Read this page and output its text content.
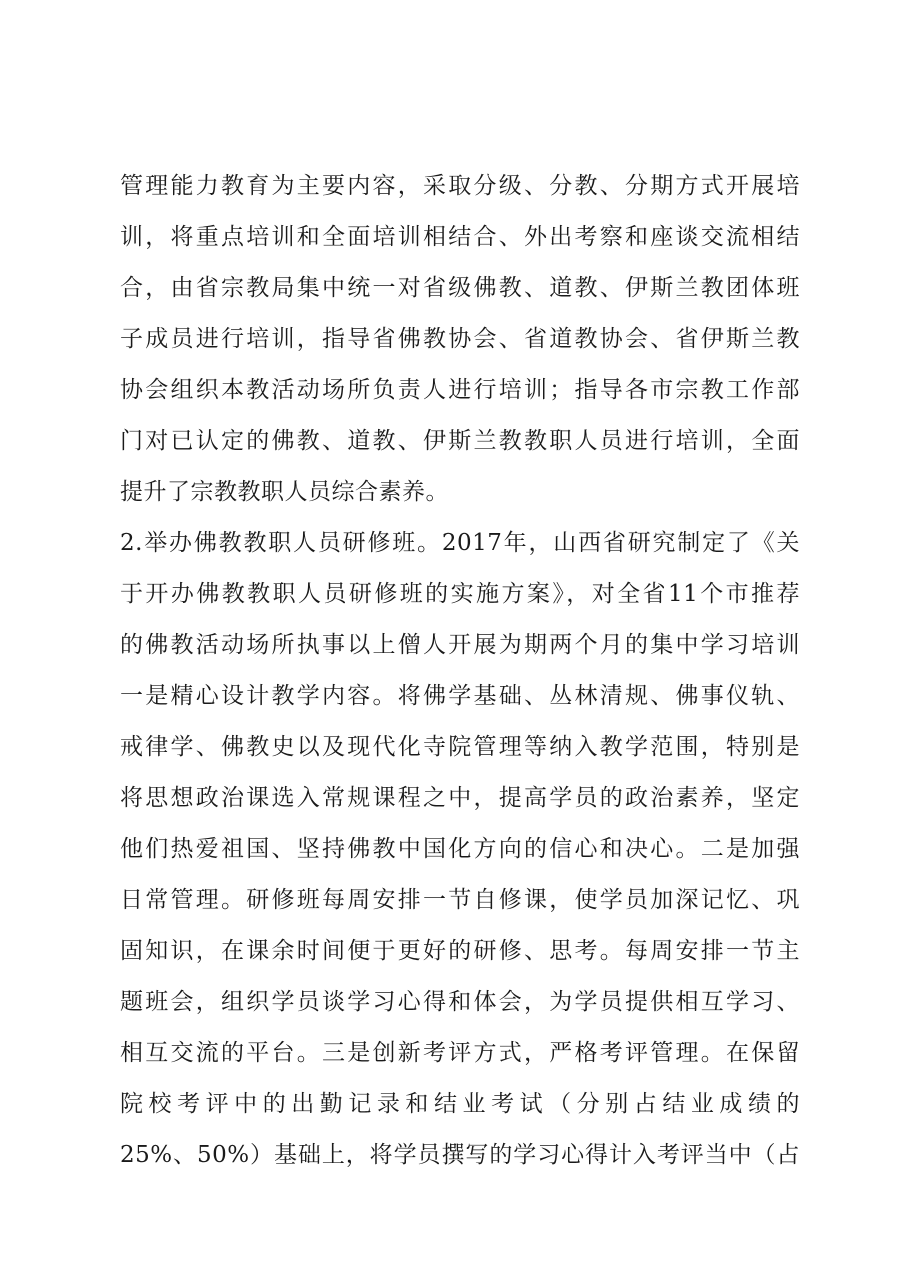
管理能力教育为主要内容，采取分级、分教、分期方式开展培
训，将重点培训和全面培训相结合、外出考察和座谈交流相结
合，由省宗教局集中统一对省级佛教、道教、伊斯兰教团体班
子成员进行培训，指导省佛教协会、省道教协会、省伊斯兰教
协会组织本教活动场所负责人进行培训；指导各市宗教工作部
门对已认定的佛教、道教、伊斯兰教教职人员进行培训，全面
提升了宗教教职人员综合素养。
2.举办佛教教职人员研修班。2017年，山西省研究制定了《关
于开办佛教教职人员研修班的实施方案》，对全省11个市推荐
的佛教活动场所执事以上僧人开展为期两个月的集中学习培训
一是精心设计教学内容。将佛学基础、丛林清规、佛事仪轨、
戒律学、佛教史以及现代化寺院管理等纳入教学范围，特别是
将思想政治课选入常规课程之中，提高学员的政治素养，坚定
他们热爱祖国、坚持佛教中国化方向的信心和决心。二是加强
日常管理。研修班每周安排一节自修课，使学员加深记忆、巩
固知识，在课余时间便于更好的研修、思考。每周安排一节主
题班会，组织学员谈学习心得和体会，为学员提供相互学习、
相互交流的平台。三是创新考评方式，严格考评管理。在保留
院校考评中的出勤记录和结业考试（分别占结业成绩的
25%、50%）基础上，将学员撰写的学习心得计入考评当中（占
